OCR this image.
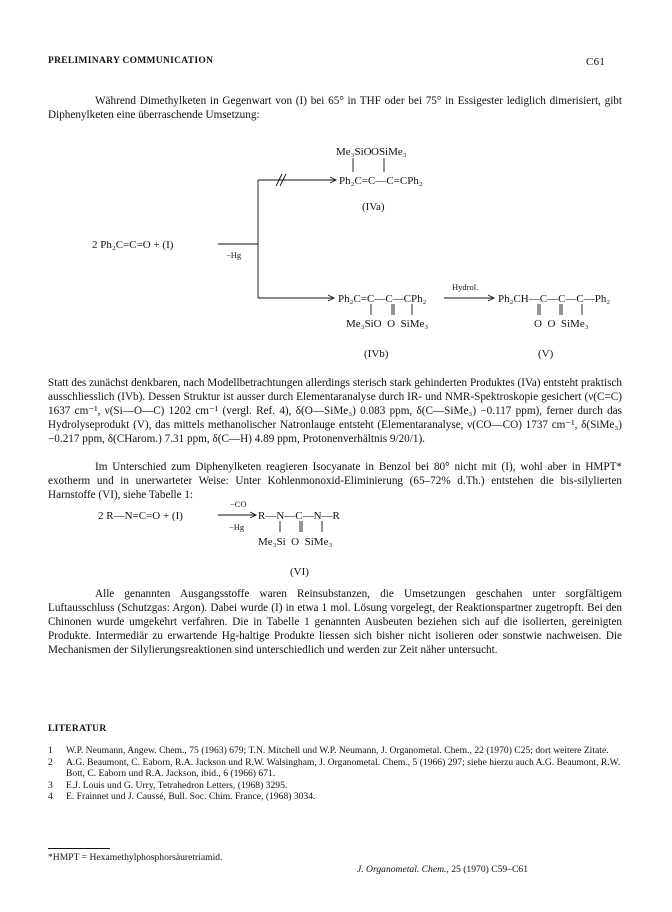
PRELIMINARY COMMUNICATION	C61

Während Dimethylketen in Gegenwart von (I) bei 65° in THF oder bei 75° in Essigester lediglich dimerisiert, gibt Diphenylketen eine überraschende Umsetzung:

2 Ph₂C=C=O + (I)
−Hg
Me₃SiO OSiMe₃
Ph₂C=C—C=CPh₂
(IVa)
Ph₂C=C—C—CPh₂
Me₃SiO  O  SiMe₃
(IVb)
Hydrol.
Ph₂CH—C—C—C—Ph₂
O  O  SiMe₃
(V)

Statt des zunächst denkbaren, nach Modellbetrachtungen allerdings sterisch stark gehinderten Produktes (IVa) entsteht praktisch ausschliesslich (IVb). Dessen Struktur ist ausser durch Elementaranalyse durch IR- und NMR-Spektroskopie gesichert (ν(C=C) 1637 cm⁻¹, ν(Si—O—C) 1202 cm⁻¹ (vergl. Ref. 4), δ(O—SiMe₃) 0.083 ppm, δ(C—SiMe₃) −0.117 ppm), ferner durch das Hydrolyseprodukt (V), das mittels methanolischer Natronlauge entsteht (Elementaranalyse, ν(CO—CO) 1737 cm⁻¹, δ(SiMe₃) −0.217 ppm, δ(CHarom.) 7.31 ppm, δ(C—H) 4.89 ppm, Protonenverhältnis 9/20/1).

Im Unterschied zum Diphenylketen reagieren Isocyanate in Benzol bei 80° nicht mit (I), wohl aber in HMPT* exotherm und in unerwarteter Weise: Unter Kohlenmonoxid-Eliminierung (65–72% d.Th.) entstehen die bis-silylierten Harnstoffe (VI), siehe Tabelle 1:

2 R—N=C=O + (I)
−CO
−Hg
R—N—C—N—R
Me₃Si  O  SiMe₃
(VI)

Alle genannten Ausgangsstoffe waren Reinsubstanzen, die Umsetzungen geschahen unter sorgfältigem Luftausschluss (Schutzgas: Argon). Dabei wurde (I) in etwa 1 mol. Lösung vorgelegt, der Reaktionspartner zugetropft. Bei den Chinonen wurde umgekehrt verfahren. Die in Tabelle 1 genannten Ausbeuten beziehen sich auf die isolierten, gereinigten Produkte. Intermediär zu erwartende Hg-haltige Produkte liessen sich bisher nicht isolieren oder sonstwie nachweisen. Die Mechanismen der Silylierungsreaktionen sind unterschiedlich und werden zur Zeit näher untersucht.

LITERATUR
1 W.P. Neumann, Angew. Chem., 75 (1963) 679; T.N. Mitchell und W.P. Neumann, J. Organometal. Chem., 22 (1970) C25; dort weitere Zitate.
2 A.G. Beaumont, C. Eaborn, R.A. Jackson und R.W. Walsingham, J. Organometal. Chem., 5 (1966) 297; siehe hierzu auch A.G. Beaumont, R.W. Bott, C. Eaborn und R.A. Jackson, ibid., 6 (1966) 671.
3 E.J. Louis und G. Urry, Tetrahedron Letters, (1968) 3295.
4 E. Frainnet und J. Caussé, Bull. Soc. Chim. France, (1968) 3034.
*HMPT = Hexamethylphosphorsäuretriamid.
J. Organometal. Chem., 25 (1970) C59–C61
